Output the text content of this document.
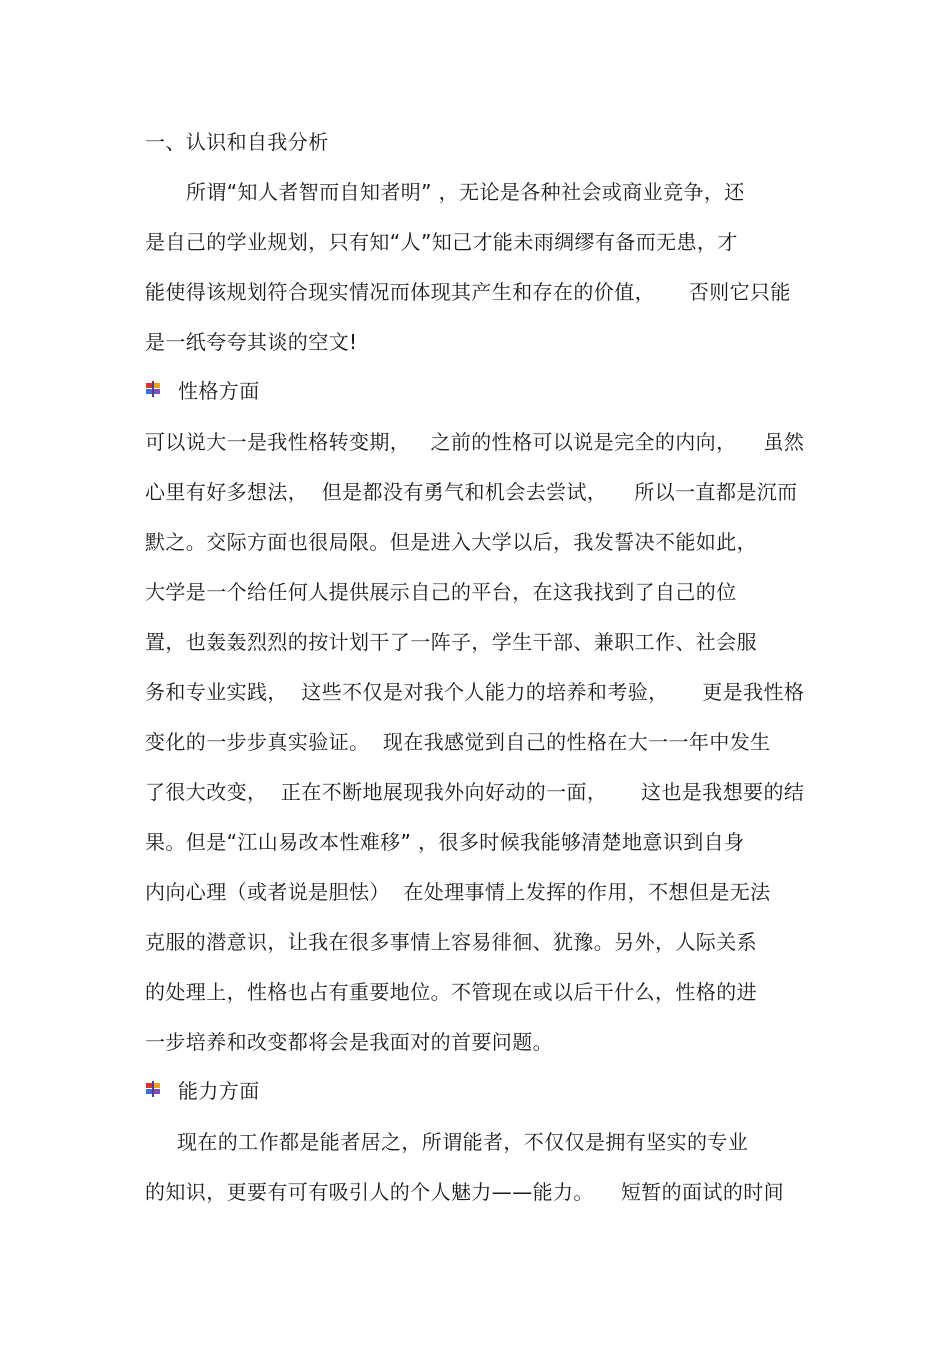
一、认识和自我分析
所谓“知人者智而自知者明” ，无论是各种社会或商业竞争，还
是自己的学业规划，只有知“人”知己才能未雨绸缪有备而无患，才
能使得该规划符合现实情况而体现其产生和存在的价值，     否则它只能
是一纸夸夸其谈的空文!
性格方面
可以说大一是我性格转变期，   之前的性格可以说是完全的内向，    虽然
心里有好多想法，  但是都没有勇气和机会去尝试，    所以一直都是沉而
默之。交际方面也很局限。但是进入大学以后，我发誓决不能如此，
大学是一个给任何人提供展示自己的平台，在这我找到了自己的位
置，也轰轰烈烈的按计划干了一阵子，学生干部、兼职工作、社会服
务和专业实践，  这些不仅是对我个人能力的培养和考验，     更是我性格
变化的一步步真实验证。  现在我感觉到自己的性格在大一一年中发生
了很大改变，  正在不断地展现我外向好动的一面，     这也是我想要的结
果。但是“江山易改本性难移” ，很多时候我能够清楚地意识到自身
内向心理（或者说是胆怯）  在处理事情上发挥的作用，不想但是无法
克服的潜意识，让我在很多事情上容易徘徊、犹豫。另外，人际关系
的处理上，性格也占有重要地位。不管现在或以后干什么，性格的进
一步培养和改变都将会是我面对的首要问题。
能力方面
现在的工作都是能者居之，所谓能者，不仅仅是拥有坚实的专业
的知识，更要有可有吸引人的个人魅力——能力。    短暂的面试的时间
